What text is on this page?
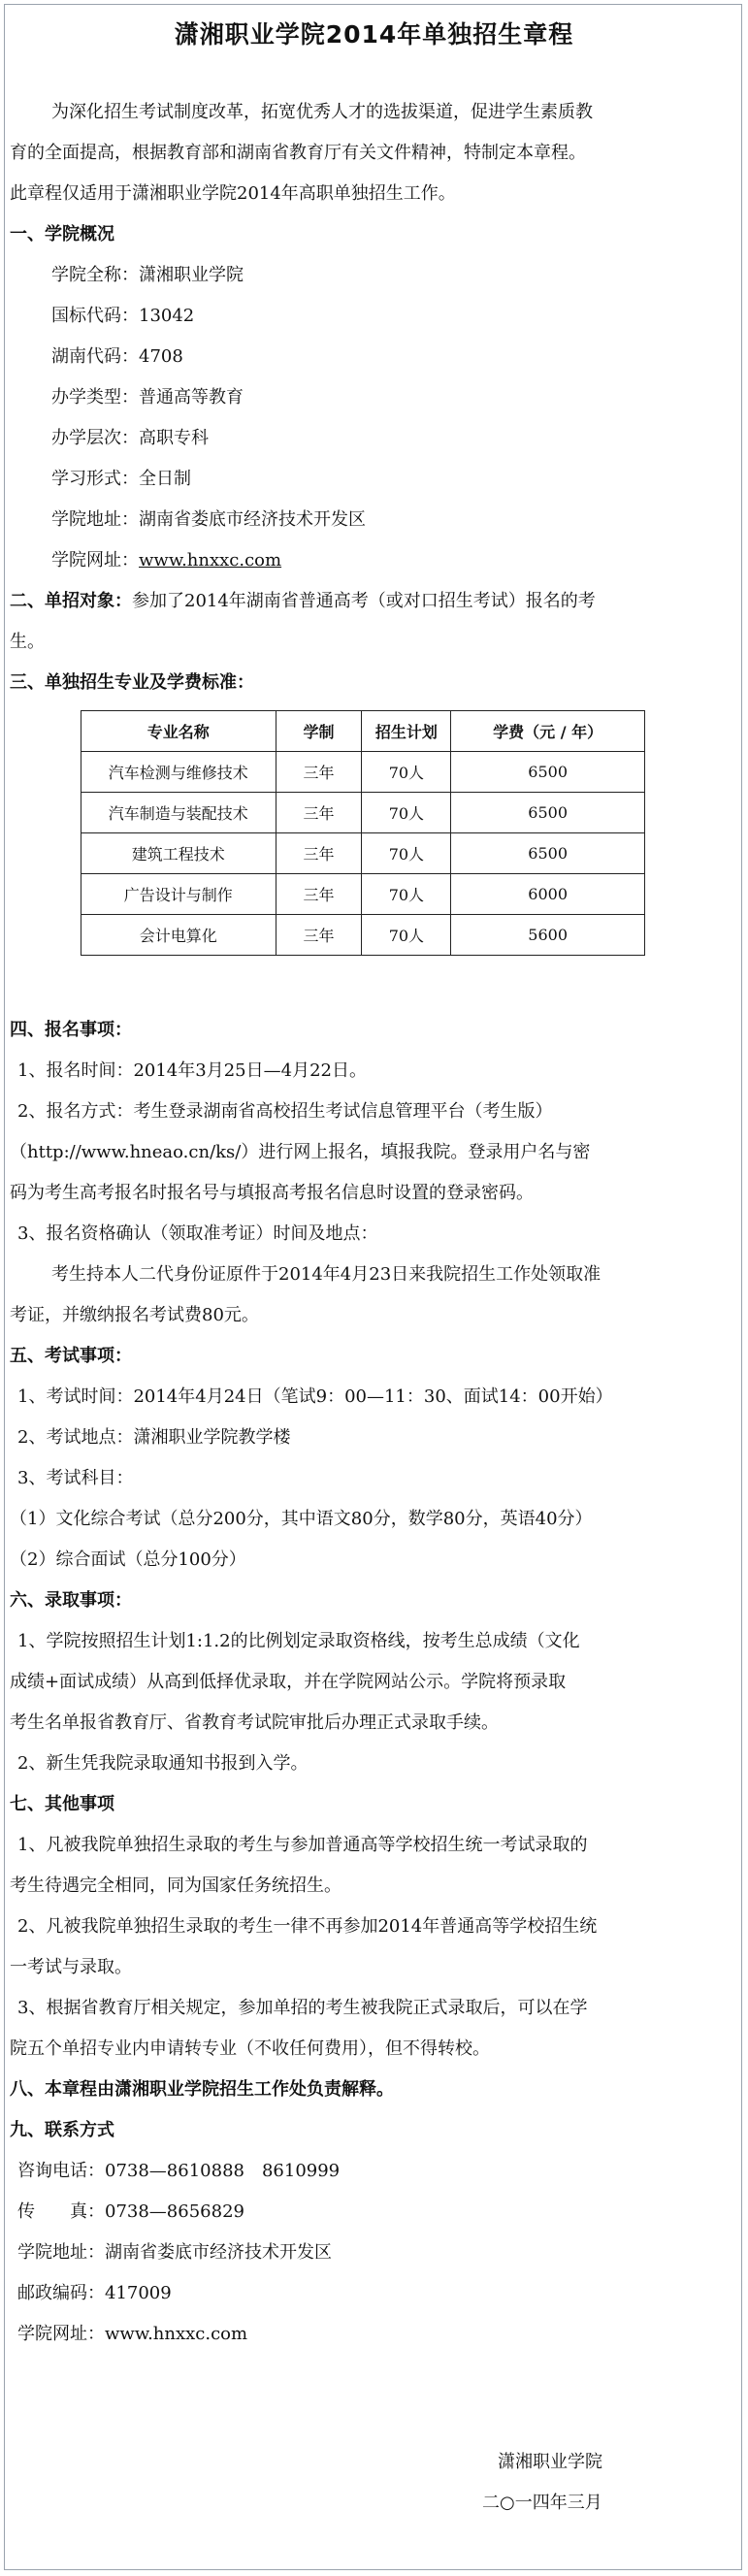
潇湘职业学院2014年单独招生章程
为深化招生考试制度改革，拓宽优秀人才的选拔渠道，促进学生素质教
育的全面提高，根据教育部和湖南省教育厅有关文件精神，特制定本章程。
此章程仅适用于潇湘职业学院2014年高职单独招生工作。
一、学院概况
学院全称：潇湘职业学院
国标代码：13042
湖南代码：4708
办学类型：普通高等教育
办学层次：高职专科
学习形式：全日制
学院地址：湖南省娄底市经济技术开发区
学院网址：www.hnxxc.com
二、单招对象：参加了2014年湖南省普通高考（或对口招生考试）报名的考
生。
三、单独招生专业及学费标准：
专业名称	学制	招生计划	学费（元 / 年）
汽车检测与维修技术	三年	70人	6500
汽车制造与装配技术	三年	70人	6500
建筑工程技术	三年	70人	6500
广告设计与制作	三年	70人	6000
会计电算化	三年	70人	5600
四、报名事项：
1、报名时间：2014年3月25日—4月22日。
2、报名方式：考生登录湖南省高校招生考试信息管理平台（考生版）
（http://www.hneao.cn/ks/）进行网上报名，填报我院。登录用户名与密
码为考生高考报名时报名号与填报高考报名信息时设置的登录密码。
3、报名资格确认（领取准考证）时间及地点：
考生持本人二代身份证原件于2014年4月23日来我院招生工作处领取准
考证，并缴纳报名考试费80元。
五、考试事项：
1、考试时间：2014年4月24日（笔试9：00—11：30、面试14：00开始）
2、考试地点：潇湘职业学院教学楼
3、考试科目：
（1）文化综合考试（总分200分，其中语文80分，数学80分，英语40分）
（2）综合面试（总分100分）
六、录取事项：
1、学院按照招生计划1:1.2的比例划定录取资格线，按考生总成绩（文化
成绩+面试成绩）从高到低择优录取，并在学院网站公示。学院将预录取
考生名单报省教育厅、省教育考试院审批后办理正式录取手续。
2、新生凭我院录取通知书报到入学。
七、其他事项
1、凡被我院单独招生录取的考生与参加普通高等学校招生统一考试录取的
考生待遇完全相同，同为国家任务统招生。
2、凡被我院单独招生录取的考生一律不再参加2014年普通高等学校招生统
一考试与录取。
3、根据省教育厅相关规定，参加单招的考生被我院正式录取后，可以在学
院五个单招专业内申请转专业（不收任何费用），但不得转校。
八、本章程由潇湘职业学院招生工作处负责解释。
九、联系方式
咨询电话：0738—8610888　8610999
传　　真：0738—8656829
学院地址：湖南省娄底市经济技术开发区
邮政编码：417009
学院网址：www.hnxxc.com
潇湘职业学院
二○一四年三月
